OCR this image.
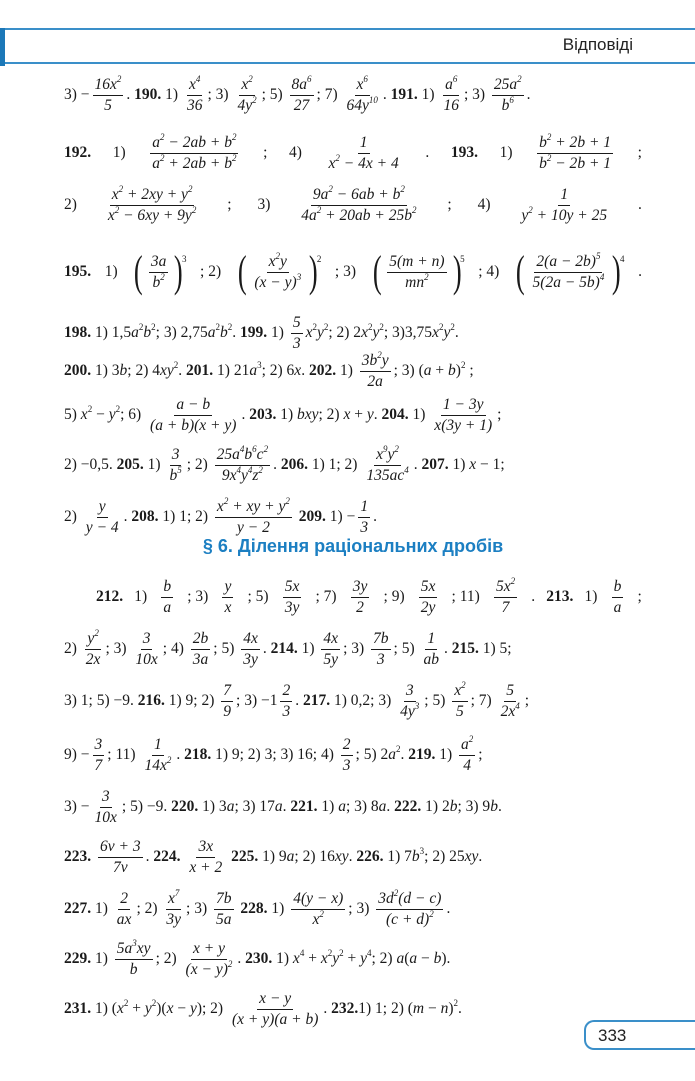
Відповіді
$3) - \frac{16x^2}{5}$ . 190. $1) \frac{x^4}{36}$ ; $3) \frac{x^2}{4y^2}$ ; $5) \frac{8a^6}{27}$ ; $7) \frac{x^6}{64y^{10}}$ . 191. $1) \frac{a^6}{16}$ ; $3) \frac{25a^2}{b^6}$ .
192. $1) \frac{a^2 - 2ab + b^2}{a^2 + 2ab + b^2}$ ; $4) \frac{1}{x^2 - 4x + 4}$ . 193. $1) \frac{b^2 + 2b + 1}{b^2 - 2b + 1}$ ;
$2) \frac{x^2 + 2xy + y^2}{x^2 - 6xy + 9y^2}$ ; $3) \frac{9a^2 - 6ab + b^2}{4a^2 + 20ab + 25b^2}$ ; $4) \frac{1}{y^2 + 10y + 25}$ .
195. 1) ( $\frac{3a}{b^2}$ )
3
; 2) ( $\frac{x^2y}{(x - y)^3}$ )
2
; 3) ( $\frac{5(m + n)}{mn^2}$ )
5
; 4) ( $\frac{2(a - 2b)^5}{5(2a - 5b)^4}$ )
4
.
198. 1) $1,5a^2b^2$; 3) $2,75a^2b^2$. 199. $1) \frac{5}{3} x^2y^2$; 2) $2x^2y^2$; $3)3,75x^2y^2$.
200. 1) 3b; 2) $4xy^2$. 201. 1) $21a^3$; 2) 6x. 202. $1) \frac{3b^2y}{2a}$ ; 3) $(a + b)^2$ ;
5) $x^2 - y^2$; $6) \frac{a - b}{(a + b)(x + y)}$ . 203. 1) bxy; 2) x + y. 204. $1) \frac{1 - 3y}{x(3y + 1)}$ ;
2) −0,5. 205. $1) \frac{3}{b^5}$ ; $2) \frac{25a^4b^6c^2}{9x^4y^4z^2}$ . 206. 1) 1; $2) \frac{x^9y^2}{135ac^4}$ . 207. 1) x − 1;
$2) \frac{y}{y - 4}$ . 208. 1) 1; $2) \frac{x^2 + xy + y^2}{y - 2} 209$. $1) - \frac{1}{3}$ .
§ 6. Ділення раціональних дробів
212. $1) \frac{b}{a}$ ; $3) \frac{y}{x}$ ; $5) \frac{5x}{3y}$ ; $7) \frac{3y}{2}$ ; $9) \frac{5x}{2y}$ ; $11) \frac{5x^2}{7}$ . 213. $1) \frac{b}{a}$ ;
$2) \frac{y^2}{2x}$ ; $3) \frac{3}{10x}$ ; $4) \frac{2b}{3a}$ ; $5) \frac{4x}{3y}$ . 214. $1) \frac{4x}{5y}$ ; $3) \frac{7b}{3}$ ; $5) \frac{1}{ab}$ . 215. 1) 5;
3) 1; 5) −9. 216. 1) 9; $2) \frac{7}{9}$ ; $3) -1 \frac{2}{3}$ . 217. 1) 0,2; $3) \frac{3}{4y^3}$ ; $5) \frac{x^2}{5}$ ; $7) \frac{5}{2x^4}$ ;
$9) - \frac{3}{7}$ ; $11) \frac{1}{14x^2}$ . 218. 1) 9; 2) 3; 3) 16; $4) \frac{2}{3}$ ; 5) $2a^2$. 219. $1) \frac{a^2}{4}$ ;
$3) - \frac{3}{10x}$ ; 5) −9. 220. 1) 3a; 3) 17a. 221. 1) a; 3) 8a. 222. 1) 2b; 3) 9b.
223. $\frac{6v + 3}{7v}$ . 224. $\frac{3x}{x + 2} 225$. 1) 9a; 2) 16xy. 226. 1) $7b^3$; 2) 25xy.
227. $1) \frac{2}{ax}$ ; $2) \frac{x^7}{3y}$ ; $3) \frac{7b}{5a} 228$. $1) \frac{4(y - x)}{x^2}$ ; $3) \frac{3d^2(d - c)}{(c + d)^2}$ .
229. $1) \frac{5a^3xy}{b}$ ; $2) \frac{x + y}{(x - y)^2}$ . 230. 1) $x^4 + x^2y^2 + y^4$; 2) a(a − b).
231. 1) $(x^2 + y^2)(x - y)$; $2) \frac{x - y}{(x + y)(a + b)}$ . 232.1) 1; 2) $(m - n)^2$.
333
